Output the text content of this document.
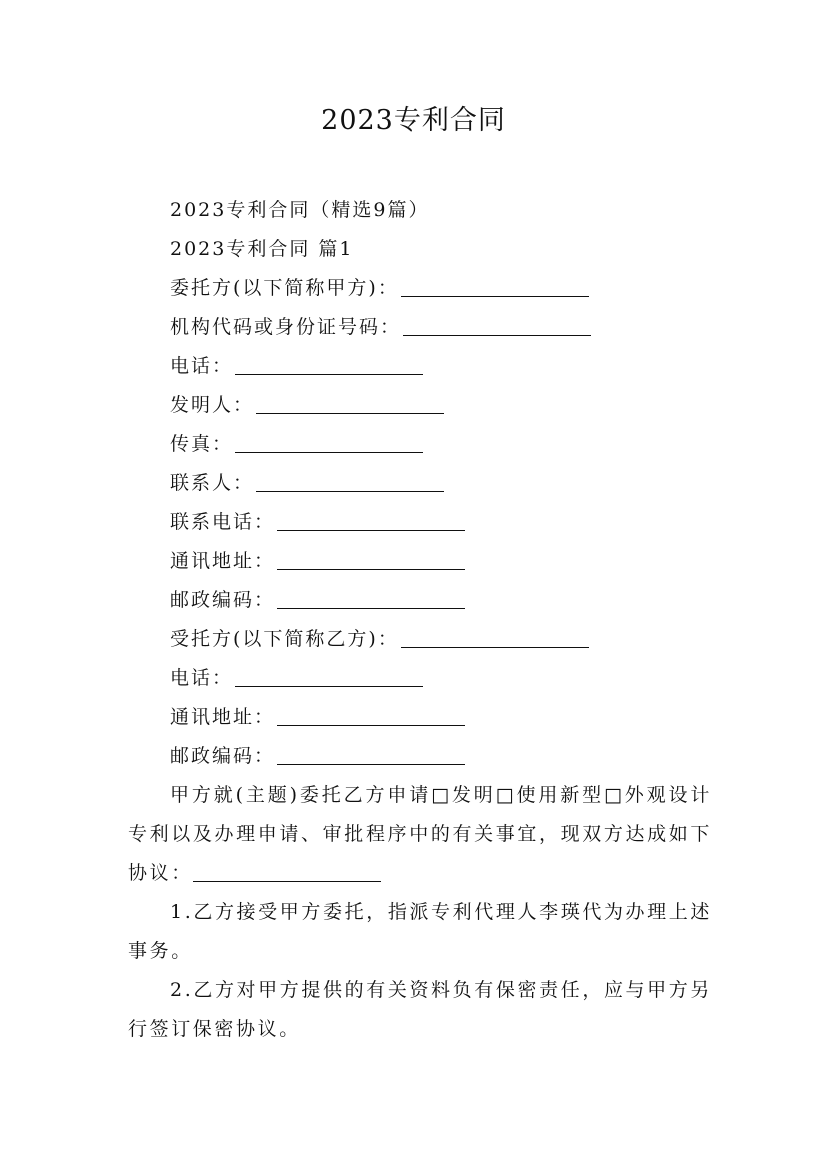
2023专利合同
2023专利合同（精选9篇）
2023专利合同 篇1
委托方(以下简称甲方)：
机构代码或身份证号码：
电话：
发明人：
传真：
联系人：
联系电话：
通讯地址：
邮政编码：
受托方(以下简称乙方)：
电话：
通讯地址：
邮政编码：
甲方就(主题)委托乙方申请□发明□使用新型□外观设计专利以及办理申请、审批程序中的有关事宜，现双方达成如下协议：
1.乙方接受甲方委托，指派专利代理人李瑛代为办理上述事务。
2.乙方对甲方提供的有关资料负有保密责任，应与甲方另行签订保密协议。
